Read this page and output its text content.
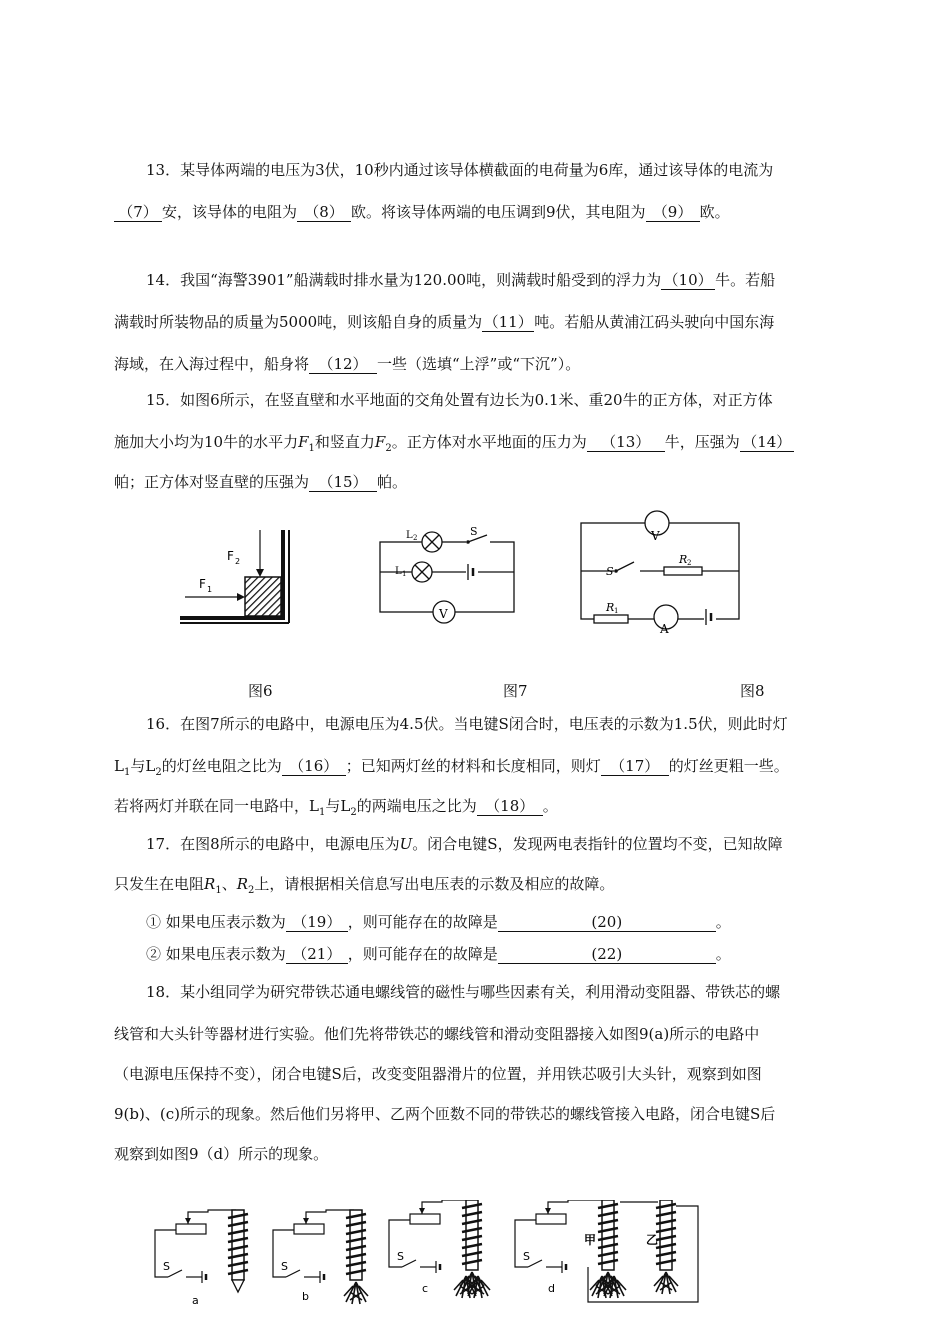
13．某导体两端的电压为3伏，10秒内通过该导体横截面的电荷量为6库，通过该导体的电流为
（7） 安，该导体的电阻为 （8） 欧。将该导体两端的电压调到9伏，其电阻为 （9） 欧。
14．我国“海警3901”船满载时排水量为120.00吨，则满载时船受到的浮力为 （10） 牛。若船
满载时所装物品的质量为5000吨，则该船自身的质量为（11）吨。若船从黄浦江码头驶向中国东海
海域，在入海过程中，船身将 （12） 一些（选填“上浮”或“下沉”）。
15．如图6所示，在竖直壁和水平地面的交角处置有边长为0.1米、重20牛的正方体，对正方体
施加大小均为10牛的水平力$F_1$和竖直力$F_2$。正方体对水平地面的压力为 （13） 牛，压强为 （14）
帕；正方体对竖直壁的压强为 （15） 帕。
F 2
F 1
V
L 2
L 1
S	V
S
R 2
R 1
A
图6	图7	图8
16．在图7所示的电路中，电源电压为4.5伏。当电键S闭合时，电压表的示数为1.5伏，则此时灯
$L_1$与$L_2$的灯丝电阻之比为 （16） ；已知两灯丝的材料和长度相同，则灯 （17） 的灯丝更粗一些。
若将两灯并联在同一电路中，$L_1$与$L_2$的两端电压之比为 （18） 。
17．在图8所示的电路中，电源电压为U。闭合电键S，发现两电表指针的位置均不变，已知故障
只发生在电阻$R_1$、$R_2$上，请根据相关信息写出电压表的示数及相应的故障。
① 如果电压表示数为 （19） ，则可能存在的故障是	(20)	。
② 如果电压表示数为 （21） ，则可能存在的故障是	(22)	。
18．某小组同学为研究带铁芯通电螺线管的磁性与哪些因素有关，利用滑动变阻器、带铁芯的螺
线管和大头针等器材进行实验。他们先将带铁芯的螺线管和滑动变阻器接入如图9(a)所示的电路中
（电源电压保持不变），闭合电键S后，改变变阻器滑片的位置，并用铁芯吸引大头针，观察到如图
9(b)、(c)所示的现象。然后他们另将甲、乙两个匝数不同的带铁芯的螺线管接入电路，闭合电键S后
观察到如图9（d）所示的现象。
S
a
S
b
S
c
S
d
甲	乙
